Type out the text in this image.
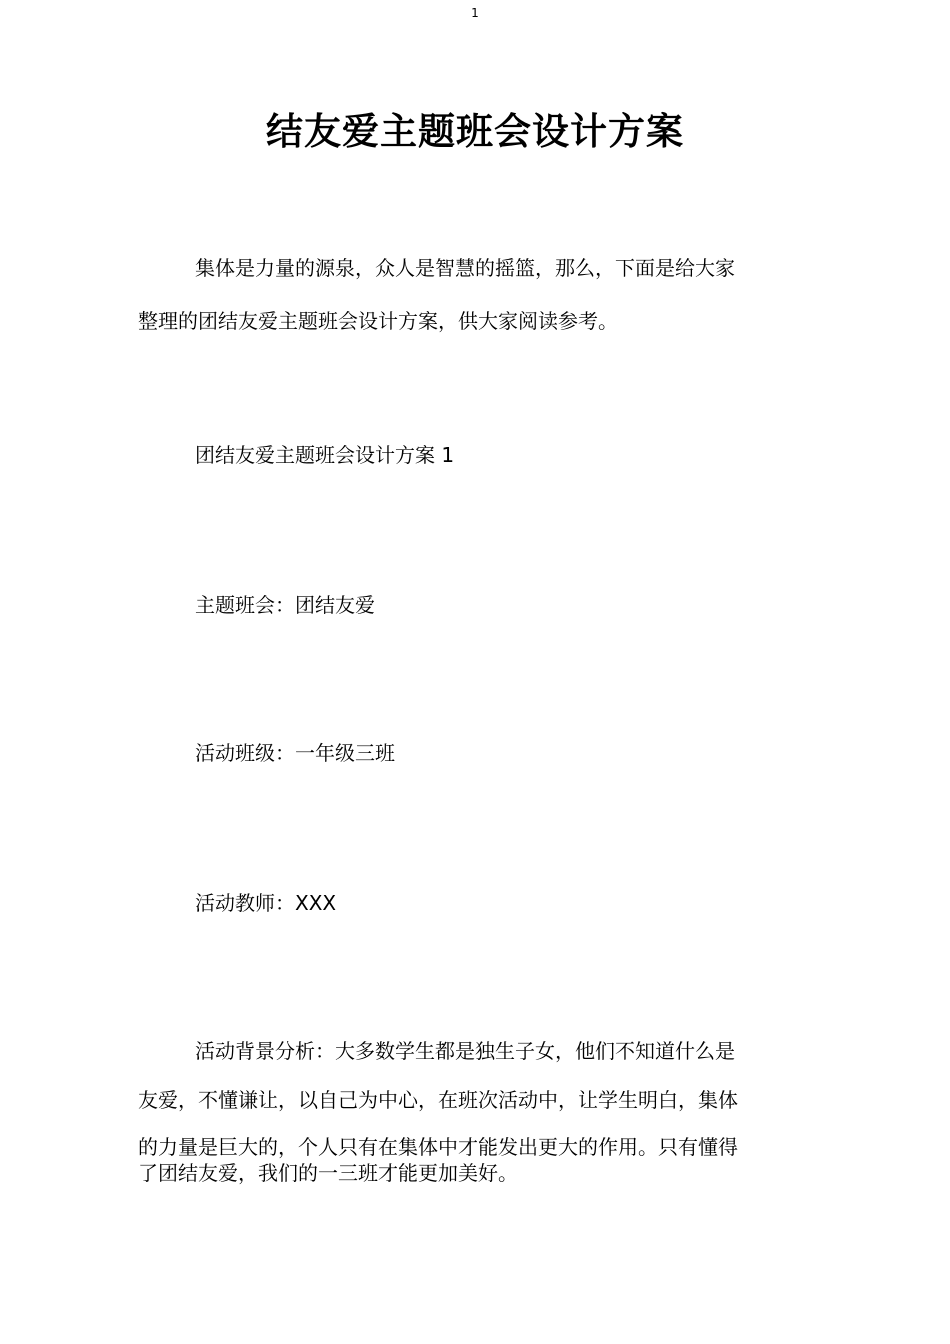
1
结友爱主题班会设计方案
集体是力量的源泉，众人是智慧的摇篮，那么，下面是给大家
整理的团结友爱主题班会设计方案，供大家阅读参考。
团结友爱主题班会设计方案 1
主题班会：团结友爱
活动班级：一年级三班
活动教师：XXX
活动背景分析：大多数学生都是独生子女，他们不知道什么是
友爱，不懂谦让，以自己为中心，在班次活动中，让学生明白，集体
的力量是巨大的，个人只有在集体中才能发出更大的作用。只有懂得
了团结友爱，我们的一三班才能更加美好。
